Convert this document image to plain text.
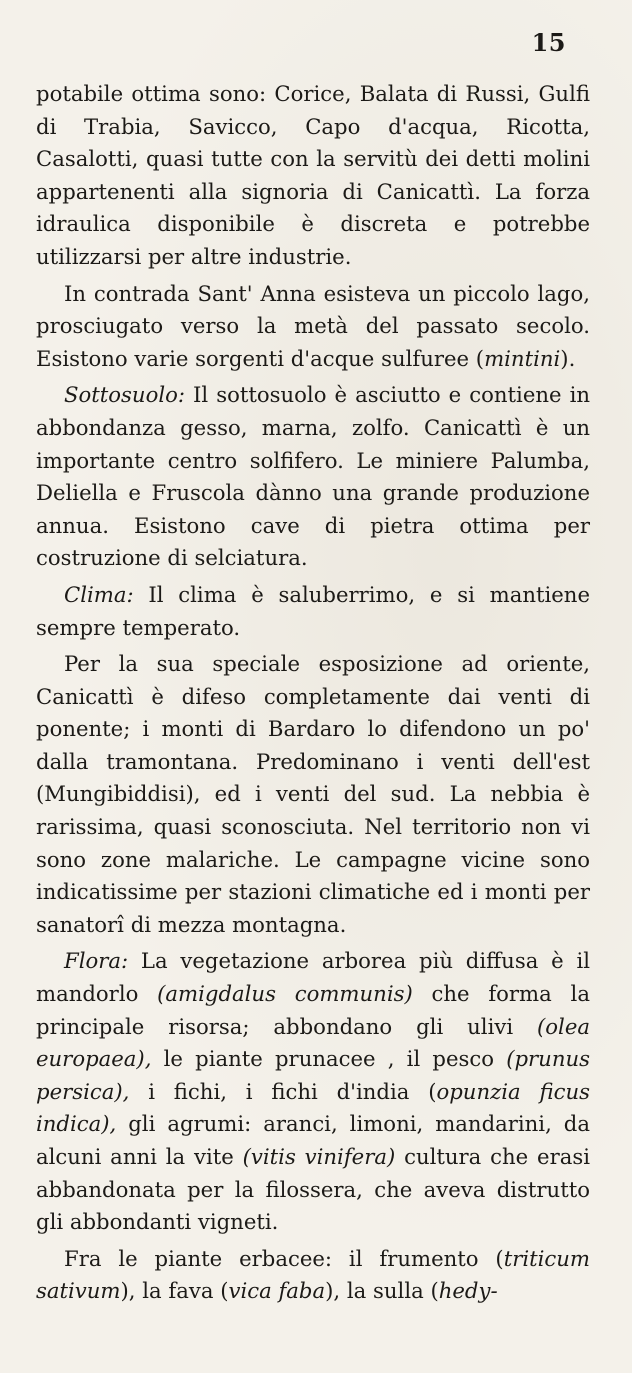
15

potabile ottima sono: Corice, Balata di Russi, Gulfi di Trabia, Savicco, Capo d'acqua, Ricotta, Casalotti, quasi tutte con la servitù dei detti molini appartenenti alla signoria di Canicattì. La forza idraulica disponibile è discreta e potrebbe utilizzarsi per altre industrie.

In contrada Sant' Anna esisteva un piccolo lago, prosciugato verso la metà del passato secolo. Esistono varie sorgenti d'acque sulfuree (mintini).

Sottosuolo: Il sottosuolo è asciutto e contiene in abbondanza gesso, marna, zolfo. Canicattì è un importante centro solfifero. Le miniere Palumba, Deliella e Fruscola dànno una grande produzione annua. Esistono cave di pietra ottima per costruzione di selciatura.

Clima: Il clima è saluberrimo, e si mantiene sempre temperato.

Per la sua speciale esposizione ad oriente, Canicattì è difeso completamente dai venti di ponente; i monti di Bardaro lo difendono un po' dalla tramontana. Predominano i venti dell'est (Mungibiddisi), ed i venti del sud. La nebbia è rarissima, quasi sconosciuta. Nel territorio non vi sono zone malariche. Le campagne vicine sono indicatissime per stazioni climatiche ed i monti per sanatorî di mezza montagna.

Flora: La vegetazione arborea più diffusa è il mandorlo (amigdalus communis) che forma la principale risorsa; abbondano gli ulivi (olea europaea), le piante prunacee , il pesco (prunus persica), i fichi, i fichi d'india (opunzia ficus indica), gli agrumi: aranci, limoni, mandarini, da alcuni anni la vite (vitis vinifera) cultura che erasi abbandonata per la filossera, che aveva distrutto gli abbondanti vigneti.

Fra le piante erbacee: il frumento (triticum sativum), la fava (vica faba), la sulla (hedy-
